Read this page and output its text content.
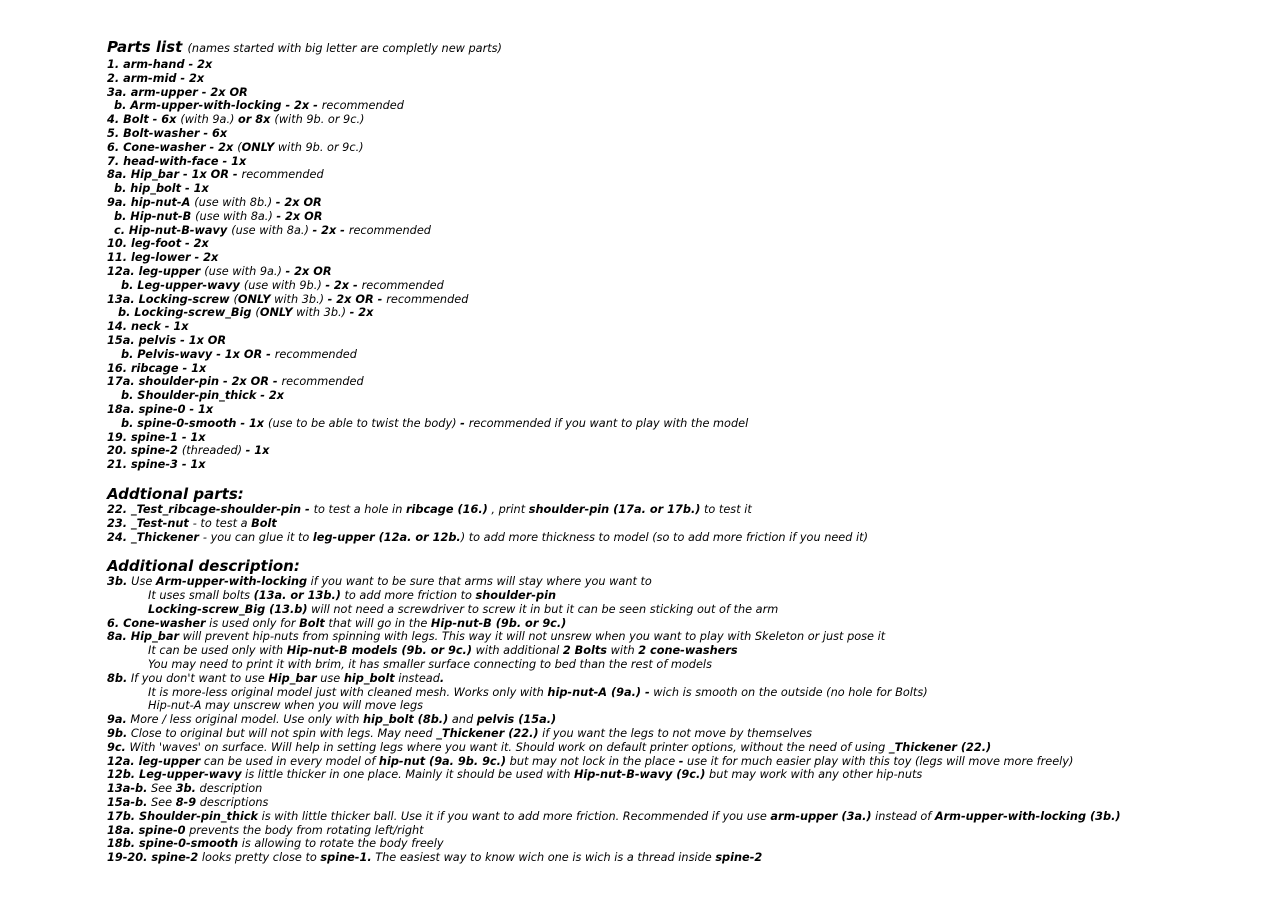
Parts list (names started with big letter are completly new parts)
1. arm-hand - 2x
2. arm-mid - 2x
3a. arm-upper - 2x OR
b. Arm-upper-with-locking - 2x - recommended
4. Bolt - 6x (with 9a.) or 8x (with 9b. or 9c.)
5. Bolt-washer - 6x
6. Cone-washer - 2x (ONLY with 9b. or 9c.)
7. head-with-face - 1x
8a. Hip_bar - 1x OR - recommended
b. hip_bolt - 1x
9a. hip-nut-A (use with 8b.) - 2x OR
b. Hip-nut-B (use with 8a.) - 2x OR
c. Hip-nut-B-wavy (use with 8a.) - 2x - recommended
10. leg-foot - 2x
11. leg-lower - 2x
12a. leg-upper (use with 9a.) - 2x OR
b. Leg-upper-wavy (use with 9b.) - 2x - recommended
13a. Locking-screw (ONLY with 3b.) - 2x OR - recommended
b. Locking-screw_Big (ONLY with 3b.) - 2x
14. neck - 1x
15a. pelvis - 1x OR
b. Pelvis-wavy - 1x OR - recommended
16. ribcage - 1x
17a. shoulder-pin - 2x OR - recommended
b. Shoulder-pin_thick - 2x
18a. spine-0 - 1x
b. spine-0-smooth - 1x (use to be able to twist the body) - recommended if you want to play with the model
19. spine-1 - 1x
20. spine-2 (threaded) - 1x
21. spine-3 - 1x
Addtional parts:
22. _Test_ribcage-shoulder-pin - to test a hole in ribcage (16.) , print shoulder-pin (17a. or 17b.) to test it
23. _Test-nut - to test a Bolt
24. _Thickener - you can glue it to leg-upper (12a. or 12b.) to add more thickness to model (so to add more friction if you need it)
Additional description:
3b. Use Arm-upper-with-locking if you want to be sure that arms will stay where you want to
It uses small bolts (13a. or 13b.) to add more friction to shoulder-pin
Locking-screw_Big (13.b) will not need a screwdriver to screw it in but it can be seen sticking out of the arm
6. Cone-washer is used only for Bolt that will go in the Hip-nut-B (9b. or 9c.)
8a. Hip_bar will prevent hip-nuts from spinning with legs. This way it will not unsrew when you want to play with Skeleton or just pose it
It can be used only with Hip-nut-B models (9b. or 9c.) with additional 2 Bolts with 2 cone-washers
You may need to print it with brim, it has smaller surface connecting to bed than the rest of models
8b. If you don't want to use Hip_bar use hip_bolt instead.
It is more-less original model just with cleaned mesh. Works only with hip-nut-A (9a.) - wich is smooth on the outside (no hole for Bolts)
Hip-nut-A may unscrew when you will move legs
9a. More / less original model. Use only with hip_bolt (8b.) and pelvis (15a.)
9b. Close to original but will not spin with legs. May need _Thickener (22.) if you want the legs to not move by themselves
9c. With 'waves' on surface. Will help in setting legs where you want it. Should work on default printer options, without the need of using _Thickener (22.)
12a. leg-upper can be used in every model of hip-nut (9a. 9b. 9c.) but may not lock in the place - use it for much easier play with this toy (legs will move more freely)
12b. Leg-upper-wavy is little thicker in one place. Mainly it should be used with Hip-nut-B-wavy (9c.) but may work with any other hip-nuts
13a-b. See 3b. description
15a-b. See 8-9 descriptions
17b. Shoulder-pin_thick is with little thicker ball. Use it if you want to add more friction. Recommended if you use arm-upper (3a.) instead of Arm-upper-with-locking (3b.)
18a. spine-0 prevents the body from rotating left/right
18b. spine-0-smooth is allowing to rotate the body freely
19-20. spine-2 looks pretty close to spine-1. The easiest way to know wich one is wich is a thread inside spine-2
